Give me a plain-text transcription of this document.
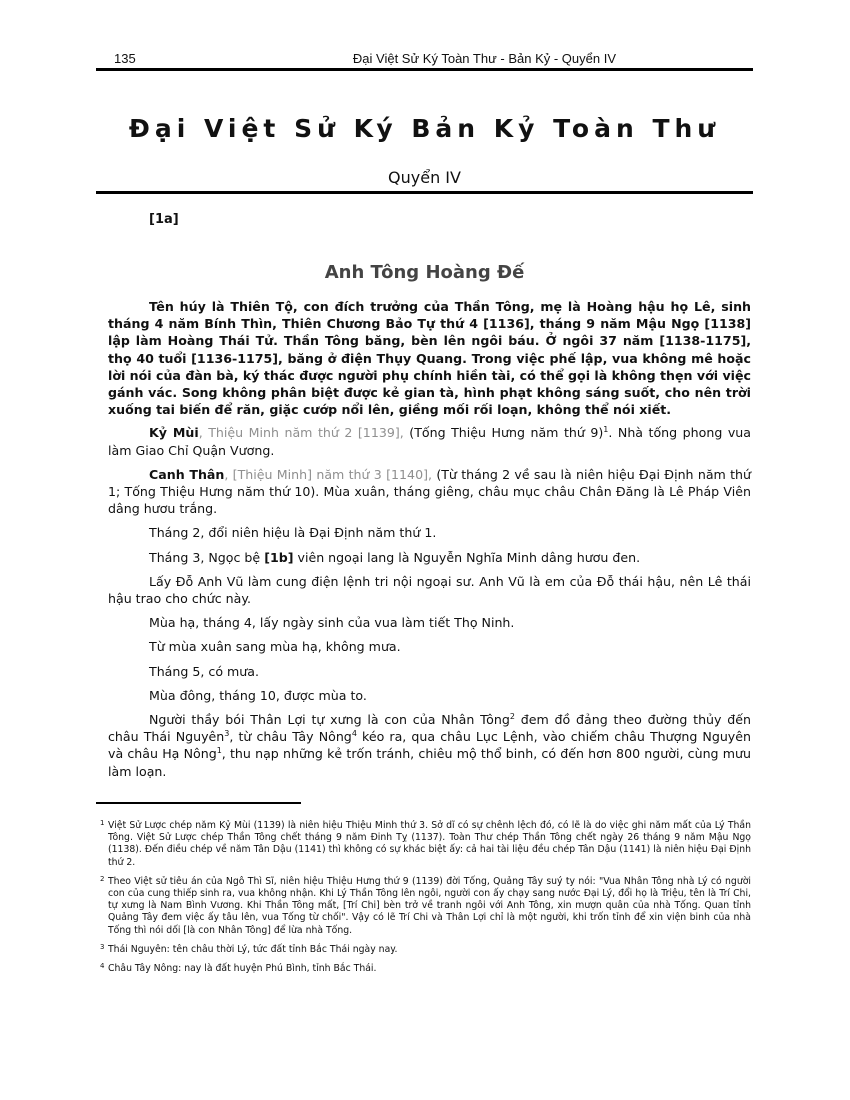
135	Đại Việt Sử Ký Toàn Thư - Bản Kỷ - Quyển IV
Đại Việt Sử Ký Bản Kỷ Toàn Thư
Quyển IV
[1a]
Anh Tông Hoàng Đế

Tên húy là Thiên Tộ, con đích trưởng của Thần Tông, mẹ là Hoàng hậu họ Lê, sinh tháng 4 năm Bính Thìn, Thiên Chương Bảo Tự thứ 4 [1136], tháng 9 năm Mậu Ngọ [1138] lập làm Hoàng Thái Tử. Thần Tông băng, bèn lên ngôi báu. Ở ngôi 37 năm [1138-1175], thọ 40 tuổi [1136-1175], băng ở điện Thụy Quang. Trong việc phế lập, vua không mê hoặc lời nói của đàn bà, ký thác được người phụ chính hiền tài, có thể gọi là không thẹn với việc gánh vác. Song không phân biệt được kẻ gian tà, hình phạt không sáng suốt, cho nên trời xuống tai biến để răn, giặc cướp nổi lên, giềng mối rối loạn, không thể nói xiết.

Kỷ Mùi, Thiệu Minh năm thứ 2 [1139], (Tống Thiệu Hưng năm thứ 9)$^1$. Nhà tống phong vua làm Giao Chỉ Quận Vương.

Canh Thân, [Thiệu Minh] năm thứ 3 [1140], (Từ tháng 2 về sau là niên hiệu Đại Định năm thứ 1; Tống Thiệu Hưng năm thứ 10). Mùa xuân, tháng giêng, châu mục châu Chân Đăng là Lê Pháp Viên dâng hươu trắng.

Tháng 2, đổi niên hiệu là Đại Định năm thứ 1.

Tháng 3, Ngọc bệ [1b] viên ngoại lang là Nguyễn Nghĩa Minh dâng hươu đen.

Lấy Đỗ Anh Vũ làm cung điện lệnh tri nội ngoại sư. Anh Vũ là em của Đỗ thái hậu, nên Lê thái hậu trao cho chức này.

Mùa hạ, tháng 4, lấy ngày sinh của vua làm tiết Thọ Ninh.

Từ mùa xuân sang mùa hạ, không mưa.

Tháng 5, có mưa.

Mùa đông, tháng 10, được mùa to.

Người thầy bói Thân Lợi tự xưng là con của Nhân Tông$^2$ đem đồ đảng theo đường thủy đến châu Thái Nguyên$^3$, từ châu Tây Nông$^4$ kéo ra, qua châu Lục Lệnh, vào chiếm châu Thượng Nguyên và châu Hạ Nông$^1$, thu nạp những kẻ trốn tránh, chiêu mộ thổ binh, có đến hơn 800 người, cùng mưu làm loạn.

1 Việt Sử Lược chép năm Kỷ Mùi (1139) là niên hiệu Thiệu Minh thứ 3. Sở dĩ có sự chênh lệch đó, có lẽ là do việc ghi năm mất của Lý Thần Tông. Việt Sử Lược chép Thần Tông chết tháng 9 năm Đinh Tỵ (1137). Toàn Thư chép Thần Tông chết ngày 26 tháng 9 năm Mậu Ngọ (1138). Đến điều chép về năm Tân Dậu (1141) thì không có sự khác biệt ấy: cả hai tài liệu đều chép Tân Dậu (1141) là niên hiệu Đại Định thứ 2.
2 Theo Việt sử tiêu án của Ngô Thì Sĩ, niên hiệu Thiệu Hưng thứ 9 (1139) đời Tống, Quảng Tây suý ty nói: "Vua Nhân Tông nhà Lý có người con của cung thiếp sinh ra, vua không nhận. Khi Lý Thần Tông lên ngôi, người con ấy chạy sang nước Đại Lý, đổi họ là Triệu, tên là Trí Chi, tự xưng là Nam Bình Vương. Khi Thần Tông mất, [Trí Chi] bèn trở về tranh ngôi với Anh Tông, xin mượn quân của nhà Tống. Quan tỉnh Quảng Tây đem việc ấy tâu lên, vua Tống từ chối". Vậy có lẽ Trí Chi và Thân Lợi chỉ là một người, khi trốn tỉnh để xin viện binh của nhà Tống thì nói dối [là con Nhân Tông] để lừa nhà Tống.
3 Thái Nguyên: tên châu thời Lý, tức đất tỉnh Bắc Thái ngày nay.
4 Châu Tây Nông: nay là đất huyện Phú Bình, tỉnh Bắc Thái.
